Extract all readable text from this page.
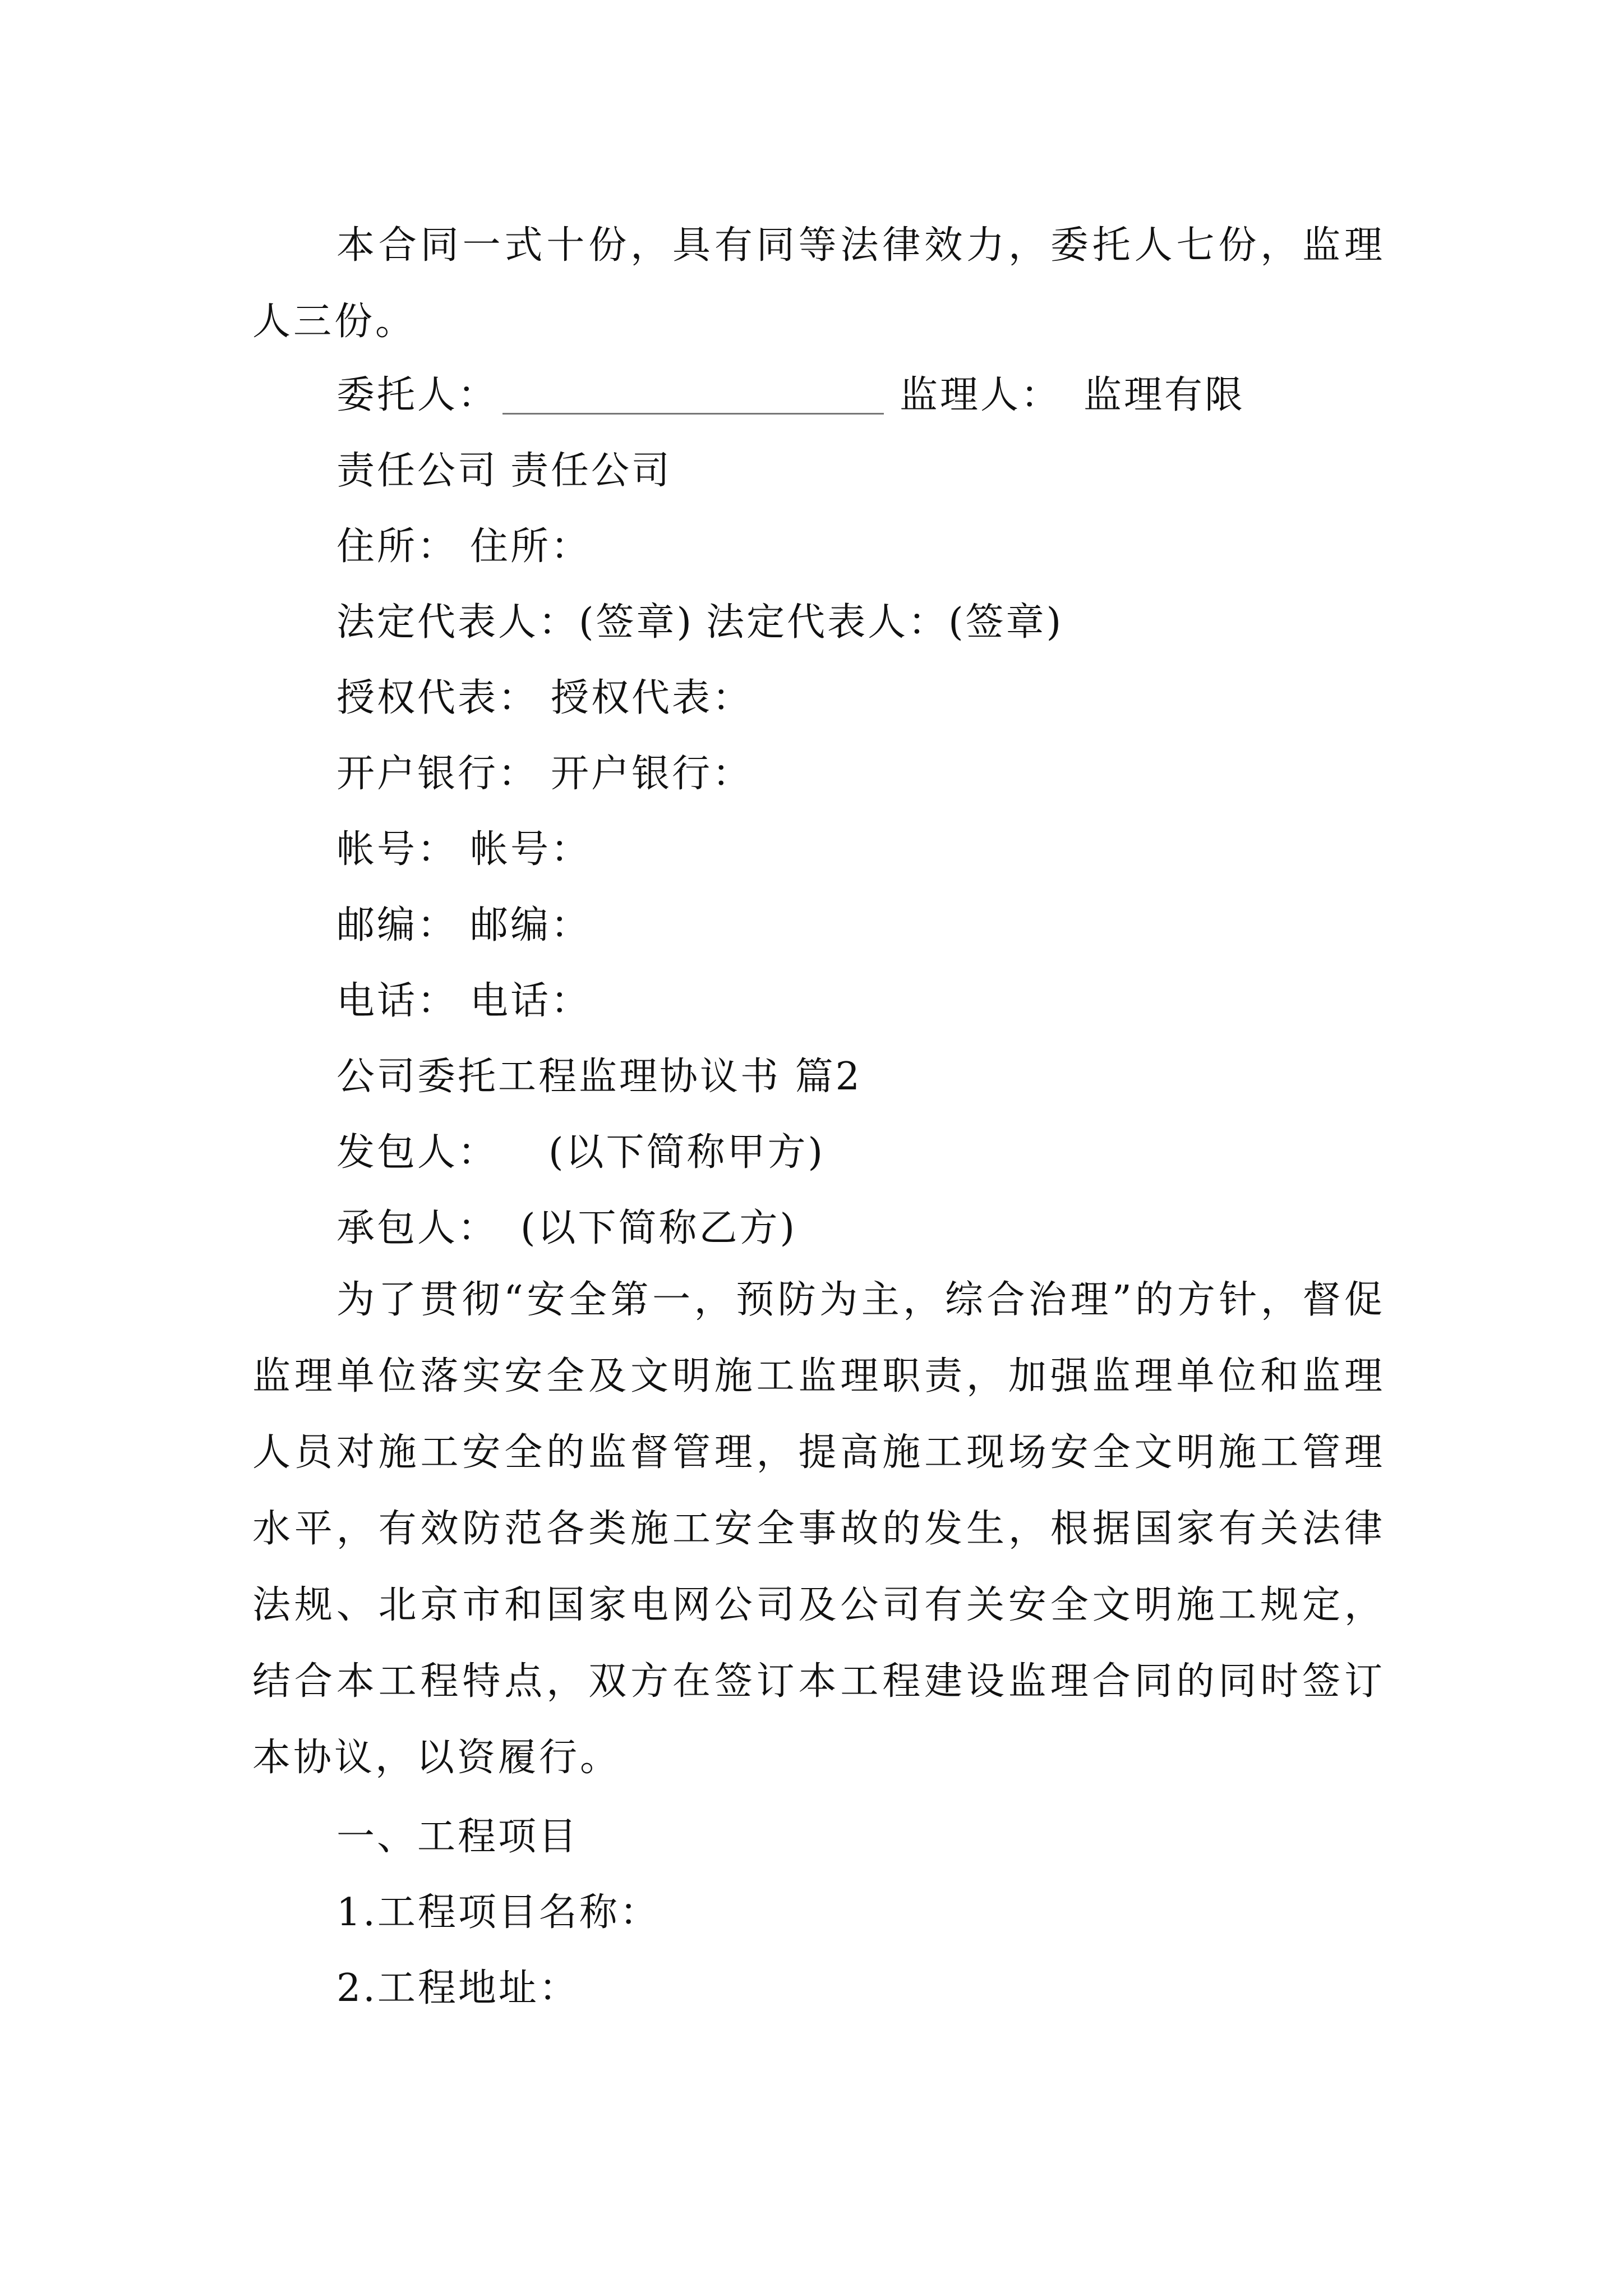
本合同一式十份，具有同等法律效力，委托人七份，监理人三份。
委托人：	监理人： 监理有限
责任公司 责任公司
住所： 住所：
法定代表人：(签章) 法定代表人：(签章)
授权代表： 授权代表：
开户银行： 开户银行：
帐号： 帐号：
邮编： 邮编：
电话： 电话：
公司委托工程监理协议书 篇2
发包人： (以下简称甲方)
承包人： (以下简称乙方)
为了贯彻“安全第一，预防为主，综合治理”的方针，督促监理单位落实安全及文明施工监理职责，加强监理单位和监理人员对施工安全的监督管理，提高施工现场安全文明施工管理水平，有效防范各类施工安全事故的发生，根据国家有关法律法规、北京市和国家电网公司及公司有关安全文明施工规定，结合本工程特点，双方在签订本工程建设监理合同的同时签订本协议，以资履行。
一、工程项目
1.工程项目名称：
2.工程地址：
